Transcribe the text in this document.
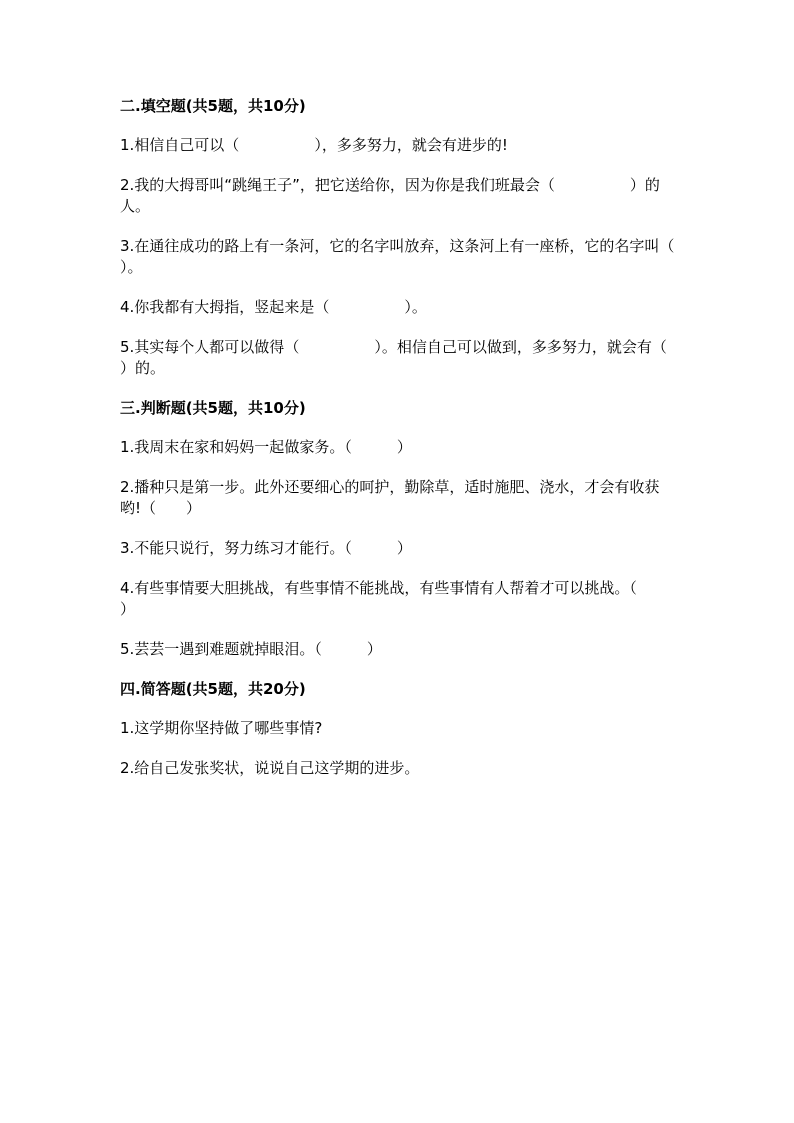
二.填空题(共5题，共10分)
1.相信自己可以（　　　　　），多多努力，就会有进步的!
2.我的大拇哥叫“跳绳王子”，把它送给你，因为你是我们班最会（　　　　　）的人。
3.在通往成功的路上有一条河，它的名字叫放弃，这条河上有一座桥，它的名字叫（　　　　　）。
4.你我都有大拇指，竖起来是（　　　　　）。
5.其实每个人都可以做得（　　　　　）。相信自己可以做到，多多努力，就会有（　　　　　）的。
三.判断题(共5题，共10分)
1.我周末在家和妈妈一起做家务。（　　　）
2.播种只是第一步。此外还要细心的呵护，勤除草，适时施肥、浇水，才会有收获哟!（　　）
3.不能只说行，努力练习才能行。（　　　）
4.有些事情要大胆挑战，有些事情不能挑战，有些事情有人帮着才可以挑战。（　　　）
5.芸芸一遇到难题就掉眼泪。（　　　）
四.简答题(共5题，共20分)
1.这学期你坚持做了哪些事情?
2.给自己发张奖状，说说自己这学期的进步。
